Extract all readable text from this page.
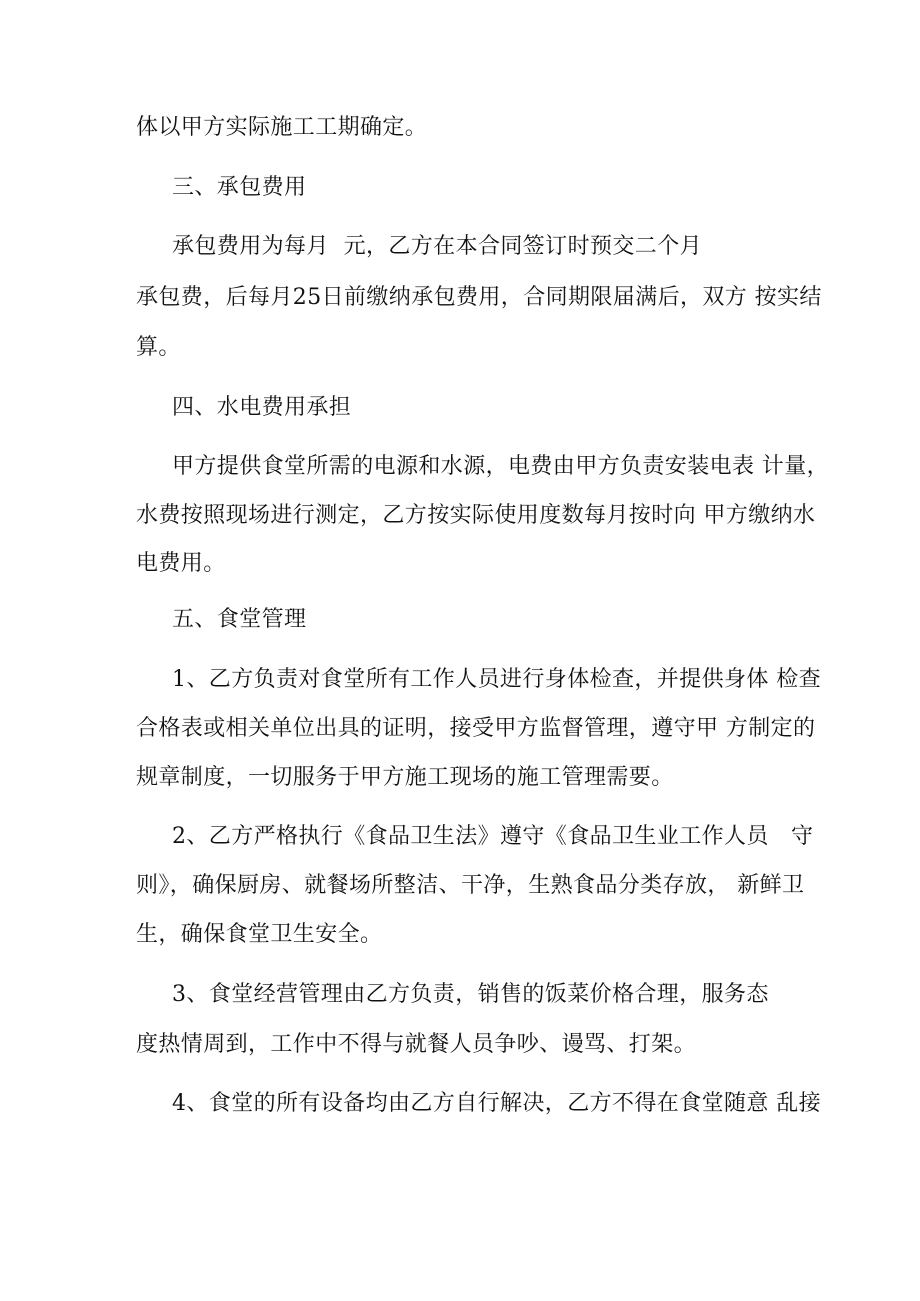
体以甲方实际施工工期确定。
三、承包费用
承包费用为每月  元，乙方在本合同签订时预交二个月
承包费，后每月25日前缴纳承包费用，合同期限届满后，双方 按实结
算。
四、水电费用承担
甲方提供食堂所需的电源和水源，电费由甲方负责安装电表 计量，
水费按照现场进行测定，乙方按实际使用度数每月按时向 甲方缴纳水
电费用。
五、食堂管理
1、乙方负责对食堂所有工作人员进行身体检查，并提供身体 检查
合格表或相关单位出具的证明，接受甲方监督管理，遵守甲 方制定的
规章制度，一切服务于甲方施工现场的施工管理需要。
2、乙方严格执行《食品卫生法》遵守《食品卫生业工作人员   守
则》，确保厨房、就餐场所整洁、干净，生熟食品分类存放， 新鲜卫
生，确保食堂卫生安全。
3、食堂经营管理由乙方负责，销售的饭菜价格合理，服务态
度热情周到，工作中不得与就餐人员争吵、谩骂、打架。
4、食堂的所有设备均由乙方自行解决，乙方不得在食堂随意 乱接
